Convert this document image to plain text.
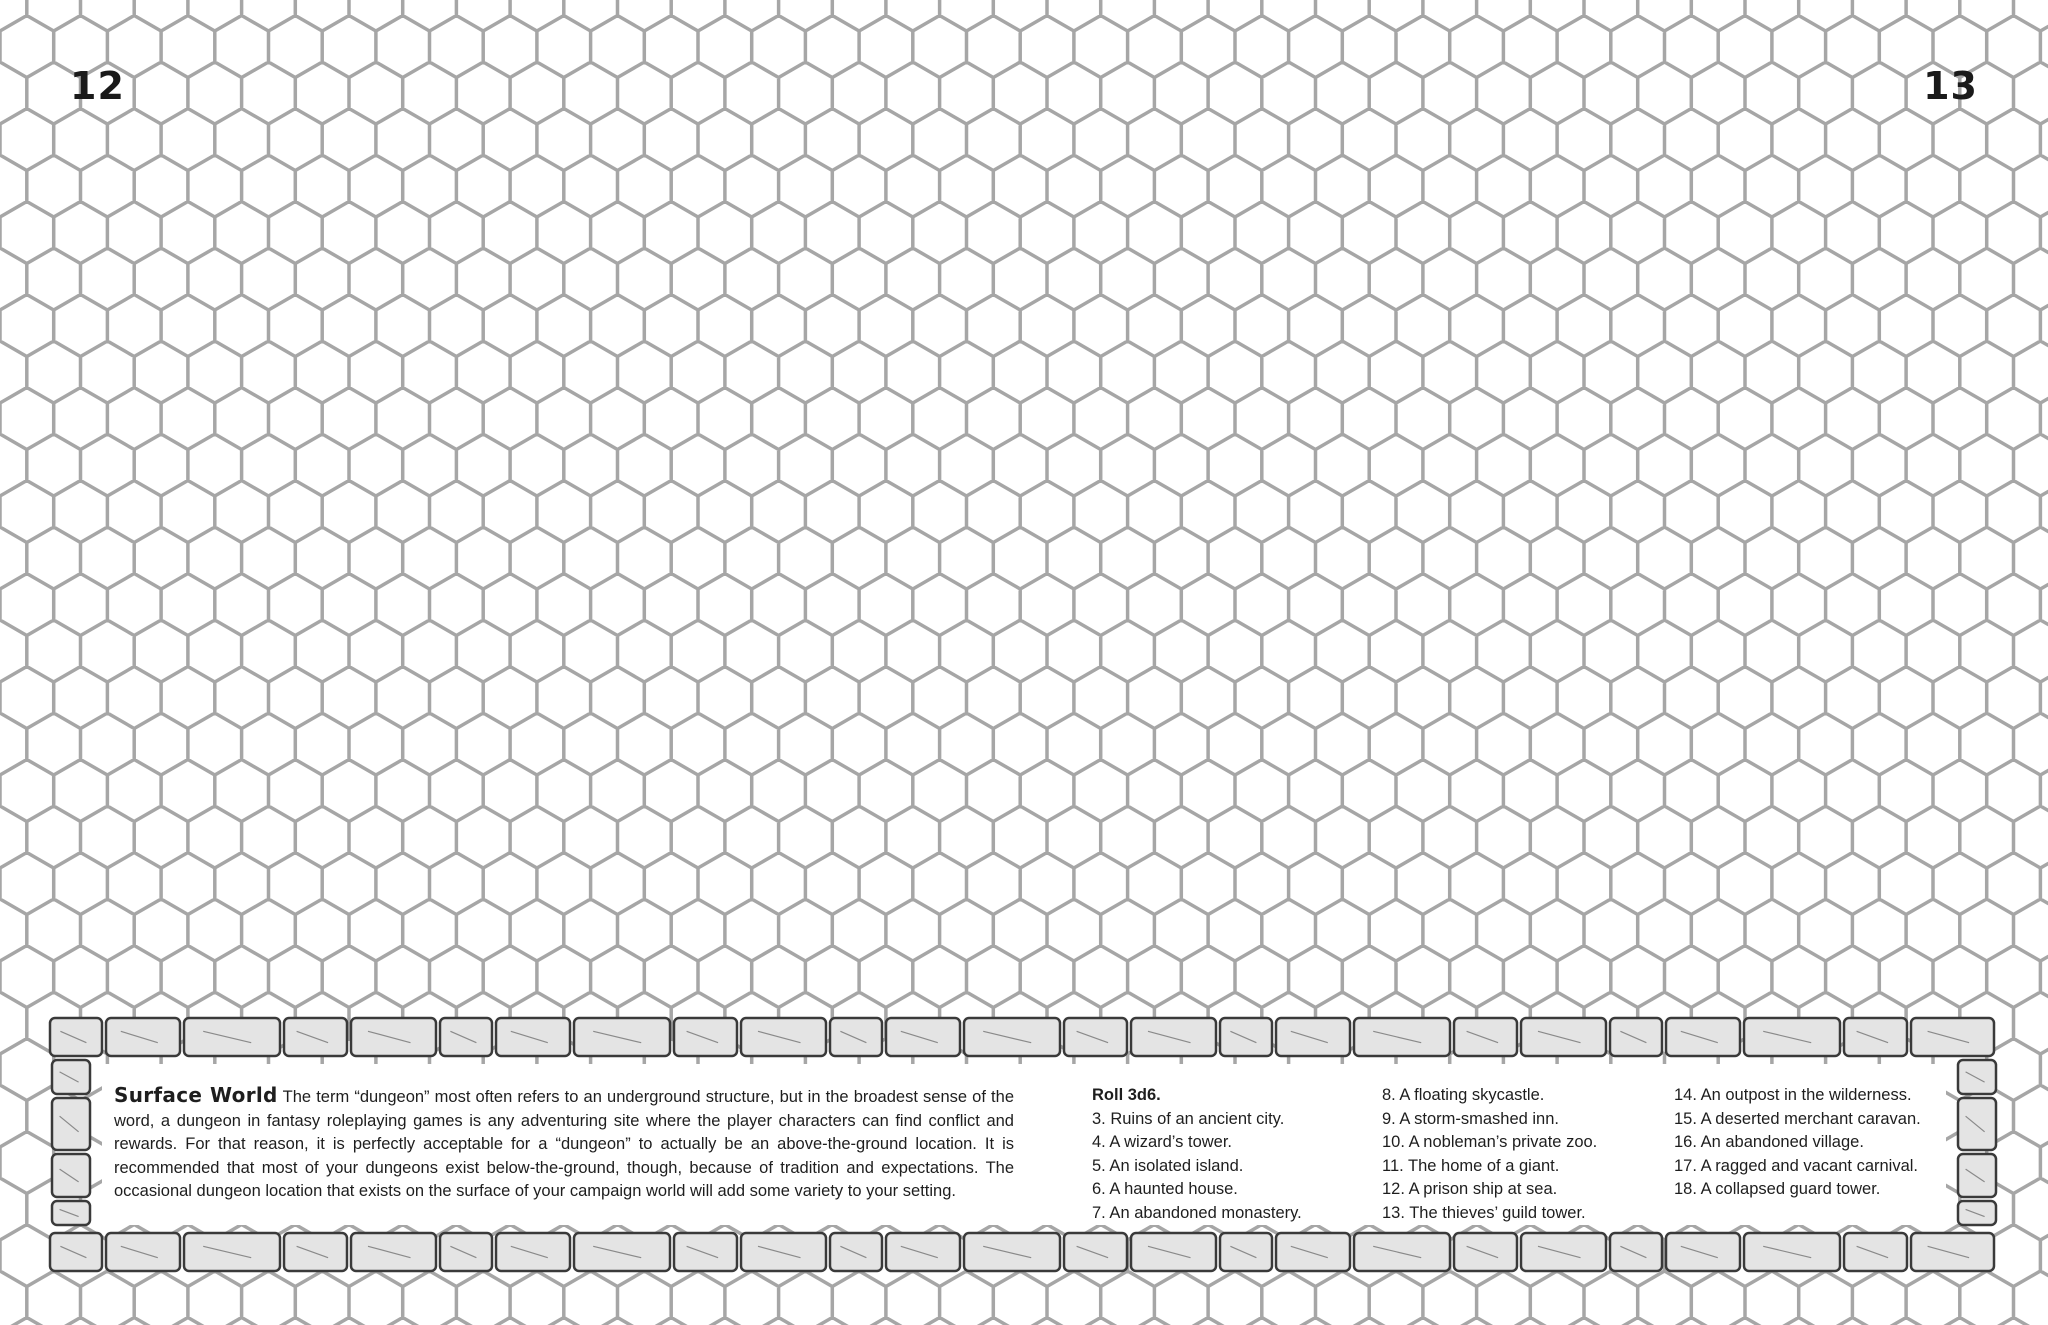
12	13
Surface World The term “dungeon” most often refers to an underground structure, but in the broadest sense of the word, a dungeon in fantasy roleplaying games is any adventuring site where the player characters can find conflict and rewards. For that reason, it is perfectly acceptable for a “dungeon” to actually be an above-the-ground location. It is recommended that most of your dungeons exist below-the-ground, though, because of tradition and expectations. The occasional dungeon location that exists on the surface of your campaign world will add some variety to your setting.
Roll 3d6.
3. Ruins of an ancient city.
4. A wizard’s tower.
5. An isolated island.
6. A haunted house.
7. An abandoned monastery.
8. A floating skycastle.
9. A storm-smashed inn.
10. A nobleman’s private zoo.
11. The home of a giant.
12. A prison ship at sea.
13. The thieves’ guild tower.
14. An outpost in the wilderness.
15. A deserted merchant caravan.
16. An abandoned village.
17. A ragged and vacant carnival.
18. A collapsed guard tower.
